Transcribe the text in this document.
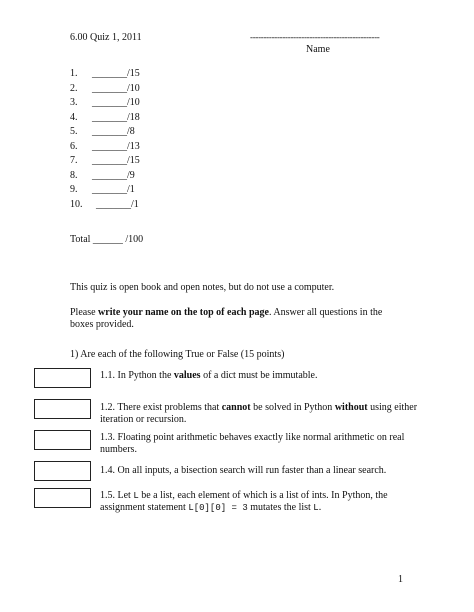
6.00 Quiz 1, 2011	------------------------------------------------
Name
1. _______/15
2. _______/10
3. _______/10
4. _______/18
5. _______/8
6. _______/13
7. _______/15
8. _______/9
9. _______/1
10. _______/1
Total ______ /100
This quiz is open book and open notes, but do not use a computer.
Please write your name on the top of each page. Answer all questions in the boxes provided.
1) Are each of the following True or False (15 points)
1.1. In Python the values of a dict must be immutable.
1.2. There exist problems that cannot be solved in Python without using either iteration or recursion.
1.3. Floating point arithmetic behaves exactly like normal arithmetic on real numbers.
1.4. On all inputs, a bisection search will run faster than a linear search.
1.5. Let L be a list, each element of which is a list of ints. In Python, the assignment statement L[0][0] = 3 mutates the list L.
1
